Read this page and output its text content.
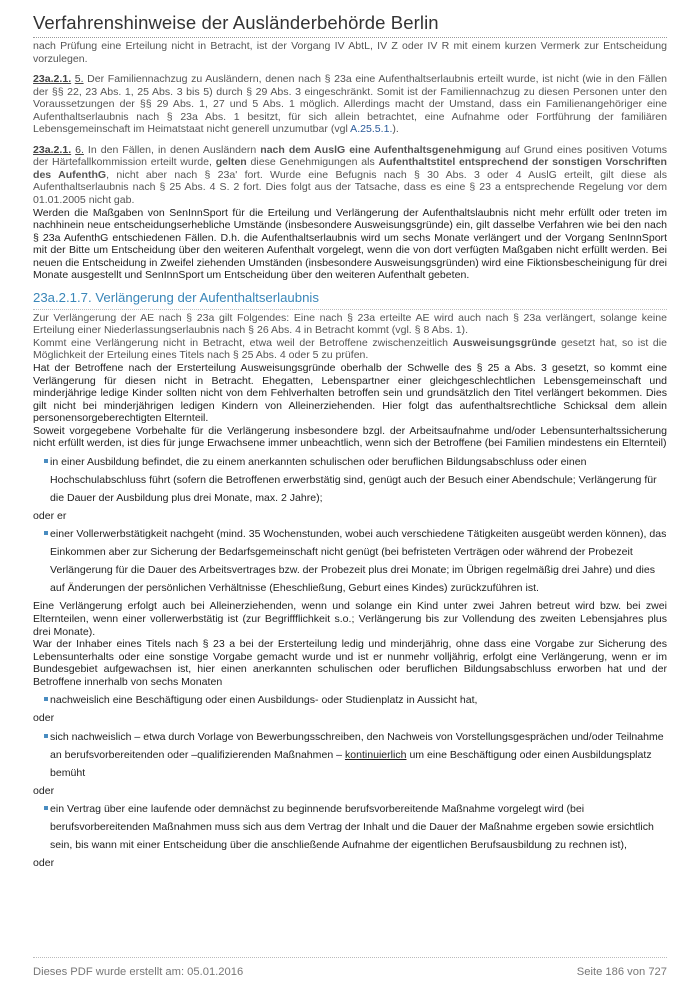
Verfahrenshinweise der Ausländerbehörde Berlin

nach Prüfung eine Erteilung nicht in Betracht, ist der Vorgang IV AbtL, IV Z oder IV R mit einem kurzen Vermerk zur Entscheidung vorzulegen.

23a.2.1. 5. Der Familiennachzug zu Ausländern, denen nach § 23a eine Aufenthaltserlaubnis erteilt wurde, ist nicht (wie in den Fällen der §§ 22, 23 Abs. 1, 25 Abs. 3 bis 5) durch § 29 Abs. 3 eingeschränkt. Somit ist der Familiennachzug zu diesen Personen unter den Voraussetzungen der §§ 29 Abs. 1, 27 und 5 Abs. 1 möglich. Allerdings macht der Umstand, dass ein Familienangehöriger eine Aufenthaltserlaubnis nach § 23a Abs. 1 besitzt, für sich allein betrachtet, eine Aufnahme oder Fortführung der familiären Lebensgemeinschaft im Heimatstaat nicht generell unzumutbar (vgl A.25.5.1.).

23a.2.1. 6. In den Fällen, in denen Ausländern nach dem AuslG eine Aufenthaltsgenehmigung auf Grund eines positiven Votums der Härtefallkommission erteilt wurde, gelten diese Genehmigungen als Aufenthaltstitel entsprechend der sonstigen Vorschriften des AufenthG, nicht aber nach § 23a' fort. Wurde eine Befugnis nach § 30 Abs. 3 oder 4 AuslG erteilt, gilt diese als Aufenthaltserlaubnis nach § 25 Abs. 4 S. 2 fort. Dies folgt aus der Tatsache, dass es eine § 23 a entsprechende Regelung vor dem 01.01.2005 nicht gab.

Werden die Maßgaben von SenInnSport für die Erteilung und Verlängerung der Aufenthaltslaubnis nicht mehr erfüllt oder treten im nachhinein neue entscheidungserhebliche Umstände (insbesondere Ausweisungsgründe) ein, gilt dasselbe Verfahren wie bei den nach § 23a AufenthG entschiedenen Fällen. D.h. die Aufenthaltserlaubnis wird um sechs Monate verlängert und der Vorgang SenInnSport mit der Bitte um Entscheidung über den weiteren Aufenthalt vorgelegt, wenn die von dort verfügten Maßgaben nicht erfüllt werden. Bei neuen die Entscheidung in Zweifel ziehenden Umständen (insbesondere Ausweisungsgründen) wird eine Fiktionsbescheinigung für drei Monate ausgestellt und SenInnSport um Entscheidung über den weiteren Aufenthalt gebeten.

23a.2.1.7. Verlängerung der Aufenthaltserlaubnis

Zur Verlängerung der AE nach § 23a gilt Folgendes: Eine nach § 23a erteilte AE wird auch nach § 23a verlängert, solange keine Erteilung einer Niederlassungserlaubnis nach § 26 Abs. 4 in Betracht kommt (vgl. § 8 Abs. 1).

Kommt eine Verlängerung nicht in Betracht, etwa weil der Betroffene zwischenzeitlich Ausweisungsgründe gesetzt hat, so ist die Möglichkeit der Erteilung eines Titels nach § 25 Abs. 4 oder 5 zu prüfen.

Hat der Betroffene nach der Ersterteilung Ausweisungsgründe oberhalb der Schwelle des § 25 a Abs. 3 gesetzt, so kommt eine Verlängerung für diesen nicht in Betracht. Ehegatten, Lebenspartner einer gleichgeschlechtlichen Lebensgemeinschaft und minderjährige ledige Kinder sollten nicht von dem Fehlverhalten betroffen sein und grundsätzlich den Titel verlängert bekommen. Dies gilt nicht bei minderjährigen ledigen Kindern von Alleinerziehenden. Hier folgt das aufenthaltsrechtliche Schicksal dem allein personensorgeberechtigten Elternteil.

Soweit vorgegebene Vorbehalte für die Verlängerung insbesondere bzgl. der Arbeitsaufnahme und/oder Lebensunterhaltssicherung nicht erfüllt werden, ist dies für junge Erwachsene immer unbeachtlich, wenn sich der Betroffene (bei Familien mindestens ein Elternteil)

in einer Ausbildung befindet, die zu einem anerkannten schulischen oder beruflichen Bildungsabschluss oder einen Hochschulabschluss führt (sofern die Betroffenen erwerbstätig sind, genügt auch der Besuch einer Abendschule; Verlängerung für die Dauer der Ausbildung plus drei Monate, max. 2 Jahre);

oder er

einer Vollerwerbstätigkeit nachgeht (mind. 35 Wochenstunden, wobei auch verschiedene Tätigkeiten ausgeübt werden können), das Einkommen aber zur Sicherung der Bedarfsgemeinschaft nicht genügt (bei befristeten Verträgen oder während der Probezeit Verlängerung für die Dauer des Arbeitsvertrages bzw. der Probezeit plus drei Monate; im Übrigen regelmäßig drei Jahre) und dies auf Änderungen der persönlichen Verhältnisse (Eheschließung, Geburt eines Kindes) zurückzuführen ist.

Eine Verlängerung erfolgt auch bei Alleinerziehenden, wenn und solange ein Kind unter zwei Jahren betreut wird bzw. bei zwei Elternteilen, wenn einer vollerwerbstätig ist (zur Begriffflichkeit s.o.; Verlängerung bis zur Vollendung des zweiten Lebensjahres plus drei Monate).

War der Inhaber eines Titels nach § 23 a bei der Ersterteilung ledig und minderjährig, ohne dass eine Vorgabe zur Sicherung des Lebensunterhalts oder eine sonstige Vorgabe gemacht wurde und ist er nunmehr volljährig, erfolgt eine Verlängerung, wenn er im Bundesgebiet aufgewachsen ist, hier einen anerkannten schulischen oder beruflichen Bildungsabschluss erworben hat und der Betroffene innerhalb von sechs Monaten

nachweislich eine Beschäftigung oder einen Ausbildungs- oder Studienplatz in Aussicht hat,

oder

sich nachweislich – etwa durch Vorlage von Bewerbungsschreiben, den Nachweis von Vorstellungsgesprächen und/oder Teilnahme an berufsvorbereitenden oder –qualifizierenden Maßnahmen – kontinuierlich um eine Beschäftigung oder einen Ausbildungsplatz bemüht

oder

ein Vertrag über eine laufende oder demnächst zu beginnende berufsvorbereitende Maßnahme vorgelegt wird (bei berufsvorbereitenden Maßnahmen muss sich aus dem Vertrag der Inhalt und die Dauer der Maßnahme ergeben sowie ersichtlich sein, bis wann mit einer Entscheidung über die anschließende Aufnahme der eigentlichen Berufsausbildung zu rechnen ist),

oder

Dieses PDF wurde erstellt am: 05.01.2016	Seite 186 von 727
